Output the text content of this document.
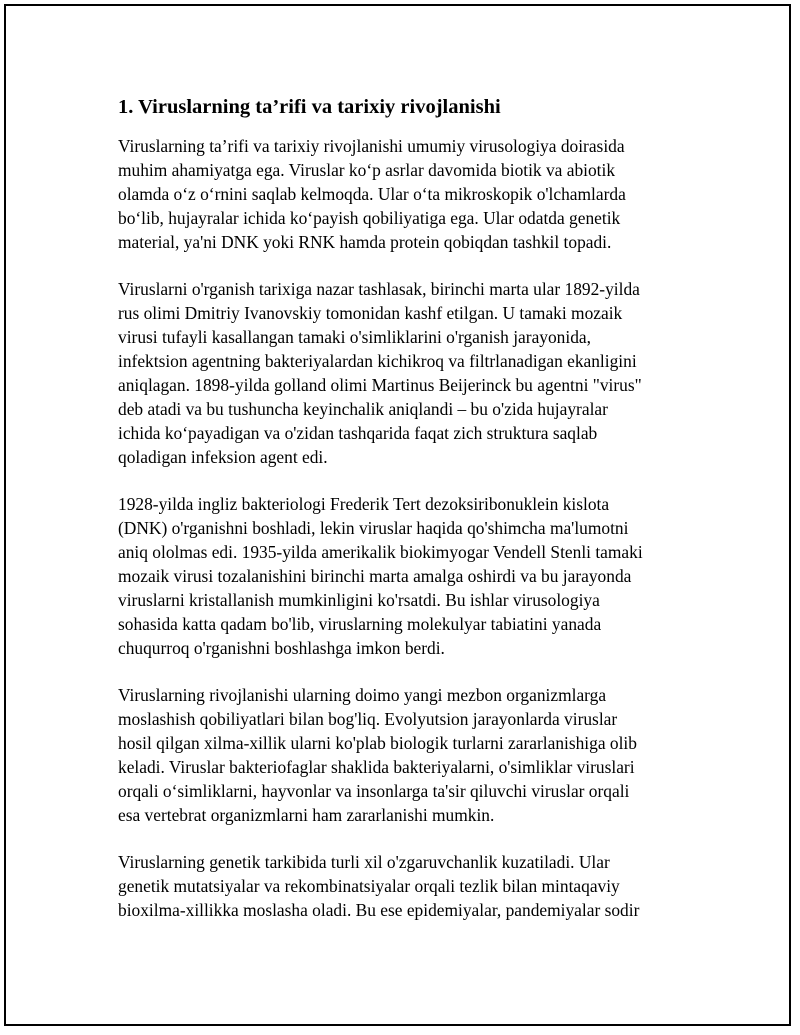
1. Viruslarning ta’rifi va tarixiy rivojlanishi

Viruslarning ta’rifi va tarixiy rivojlanishi umumiy virusologiya doirasida
muhim ahamiyatga ega. Viruslar ko‘p asrlar davomida biotik va abiotik
olamda o‘z o‘rnini saqlab kelmoqda. Ular o‘ta mikroskopik o'lchamlarda
bo‘lib, hujayralar ichida ko‘payish qobiliyatiga ega. Ular odatda genetik
material, ya'ni DNK yoki RNK hamda protein qobiqdan tashkil topadi.

Viruslarni o'rganish tarixiga nazar tashlasak, birinchi marta ular 1892-yilda
rus olimi Dmitriy Ivanovskiy tomonidan kashf etilgan. U tamaki mozaik
virusi tufayli kasallangan tamaki o'simliklarini o'rganish jarayonida,
infektsion agentning bakteriyalardan kichikroq va filtrlanadigan ekanligini
aniqlagan. 1898-yilda golland olimi Martinus Beijerinck bu agentni "virus"
deb atadi va bu tushuncha keyinchalik aniqlandi – bu o'zida hujayralar
ichida ko‘payadigan va o'zidan tashqarida faqat zich struktura saqlab
qoladigan infeksion agent edi.

1928-yilda ingliz bakteriologi Frederik Tert dezoksiribonuklein kislota
(DNK) o'rganishni boshladi, lekin viruslar haqida qo'shimcha ma'lumotni
aniq ololmas edi. 1935-yilda amerikalik biokimyogar Vendell Stenli tamaki
mozaik virusi tozalanishini birinchi marta amalga oshirdi va bu jarayonda
viruslarni kristallanish mumkinligini ko'rsatdi. Bu ishlar virusologiya
sohasida katta qadam bo'lib, viruslarning molekulyar tabiatini yanada
chuqurroq o'rganishni boshlashga imkon berdi.

Viruslarning rivojlanishi ularning doimo yangi mezbon organizmlarga
moslashish qobiliyatlari bilan bog'liq. Evolyutsion jarayonlarda viruslar
hosil qilgan xilma-xillik ularni ko'plab biologik turlarni zararlanishiga olib
keladi. Viruslar bakteriofaglar shaklida bakteriyalarni, o'simliklar viruslari
orqali o‘simliklarni, hayvonlar va insonlarga ta'sir qiluvchi viruslar orqali
esa vertebrat organizmlarni ham zararlanishi mumkin.

Viruslarning genetik tarkibida turli xil o'zgaruvchanlik kuzatiladi. Ular
genetik mutatsiyalar va rekombinatsiyalar orqali tezlik bilan mintaqaviy
bioxilma-xillikka moslasha oladi. Bu ese epidemiyalar, pandemiyalar sodir
